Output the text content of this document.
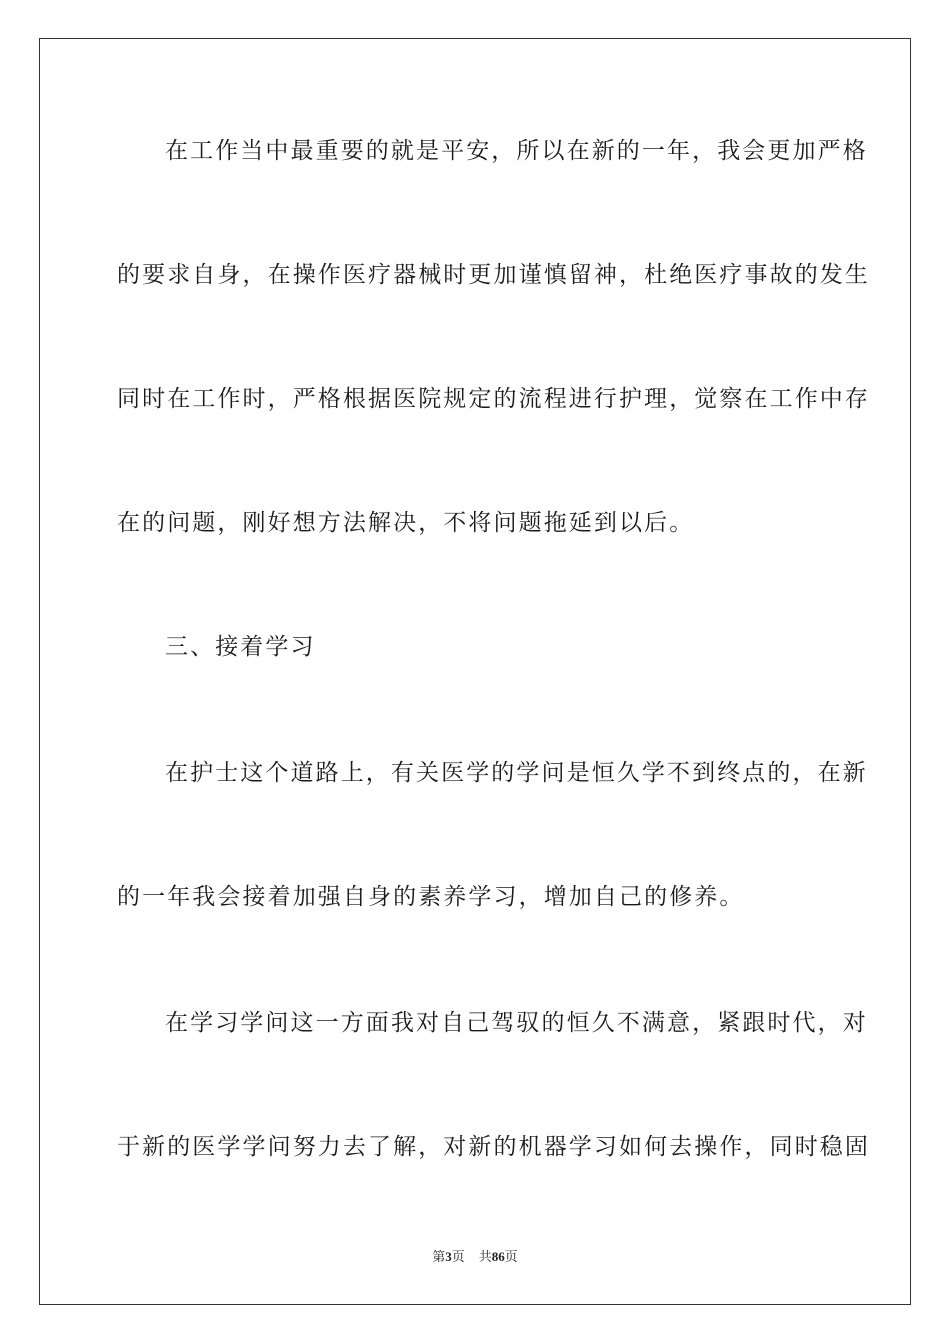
在工作当中最重要的就是平安，所以在新的一年，我会更加严格
的要求自身，在操作医疗器械时更加谨慎留神，杜绝医疗事故的发生
同时在工作时，严格根据医院规定的流程进行护理，觉察在工作中存
在的问题，刚好想方法解决，不将问题拖延到以后。
三、接着学习
在护士这个道路上，有关医学的学问是恒久学不到终点的，在新
的一年我会接着加强自身的素养学习，增加自己的修养。
在学习学问这一方面我对自己驾驭的恒久不满意，紧跟时代，对
于新的医学学问努力去了解，对新的机器学习如何去操作，同时稳固
第3页 共86页
